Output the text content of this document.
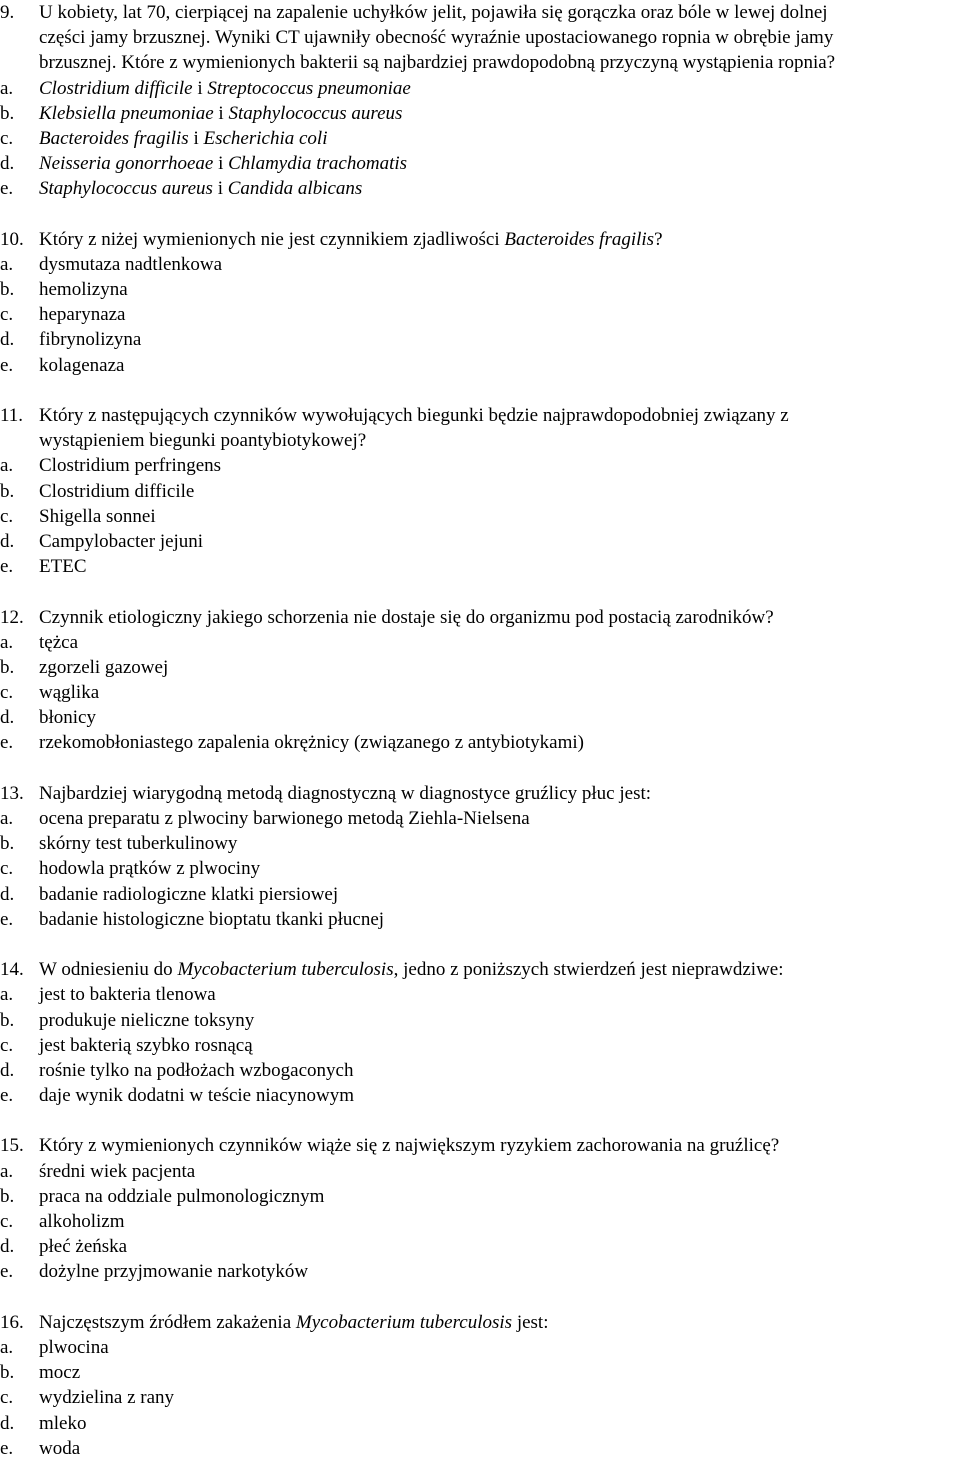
9. U kobiety, lat 70, cierpiącej na zapalenie uchyłków jelit, pojawiła się gorączka oraz bóle w lewej dolnej
części jamy brzusznej. Wyniki CT ujawniły obecność wyraźnie upostaciowanego ropnia w obrębie jamy
brzusznej. Które z wymienionych bakterii są najbardziej prawdopodobną przyczyną wystąpienia ropnia?
a. Clostridium difficile i Streptococcus pneumoniae
b. Klebsiella pneumoniae i Staphylococcus aureus
c. Bacteroides fragilis i Escherichia coli
d. Neisseria gonorrhoeae i Chlamydia trachomatis
e. Staphylococcus aureus i Candida albicans
10. Który z niżej wymienionych nie jest czynnikiem zjadliwości Bacteroides fragilis?
a. dysmutaza nadtlenkowa
b. hemolizyna
c. heparynaza
d. fibrynolizyna
e. kolagenaza
11. Który z następujących czynników wywołujących biegunki będzie najprawdopodobniej związany z
wystąpieniem biegunki poantybiotykowej?
a. Clostridium perfringens
b. Clostridium difficile
c. Shigella sonnei
d. Campylobacter jejuni
e. ETEC
12. Czynnik etiologiczny jakiego schorzenia nie dostaje się do organizmu pod postacią zarodników?
a. tężca
b. zgorzeli gazowej
c. wąglika
d. błonicy
e. rzekomobłoniastego zapalenia okrężnicy (związanego z antybiotykami)
13. Najbardziej wiarygodną metodą diagnostyczną w diagnostyce gruźlicy płuc jest:
a. ocena preparatu z plwociny barwionego metodą Ziehla-Nielsena
b. skórny test tuberkulinowy
c. hodowla prątków z plwociny
d. badanie radiologiczne klatki piersiowej
e. badanie histologiczne bioptatu tkanki płucnej
14. W odniesieniu do Mycobacterium tuberculosis, jedno z poniższych stwierdzeń jest nieprawdziwe:
a. jest to bakteria tlenowa
b. produkuje nieliczne toksyny
c. jest bakterią szybko rosnącą
d. rośnie tylko na podłożach wzbogaconych
e. daje wynik dodatni w teście niacynowym
15. Który z wymienionych czynników wiąże się z największym ryzykiem zachorowania na gruźlicę?
a. średni wiek pacjenta
b. praca na oddziale pulmonologicznym
c. alkoholizm
d. płeć żeńska
e. dożylne przyjmowanie narkotyków
16. Najczęstszym źródłem zakażenia Mycobacterium tuberculosis jest:
a. plwocina
b. mocz
c. wydzielina z rany
d. mleko
e. woda
